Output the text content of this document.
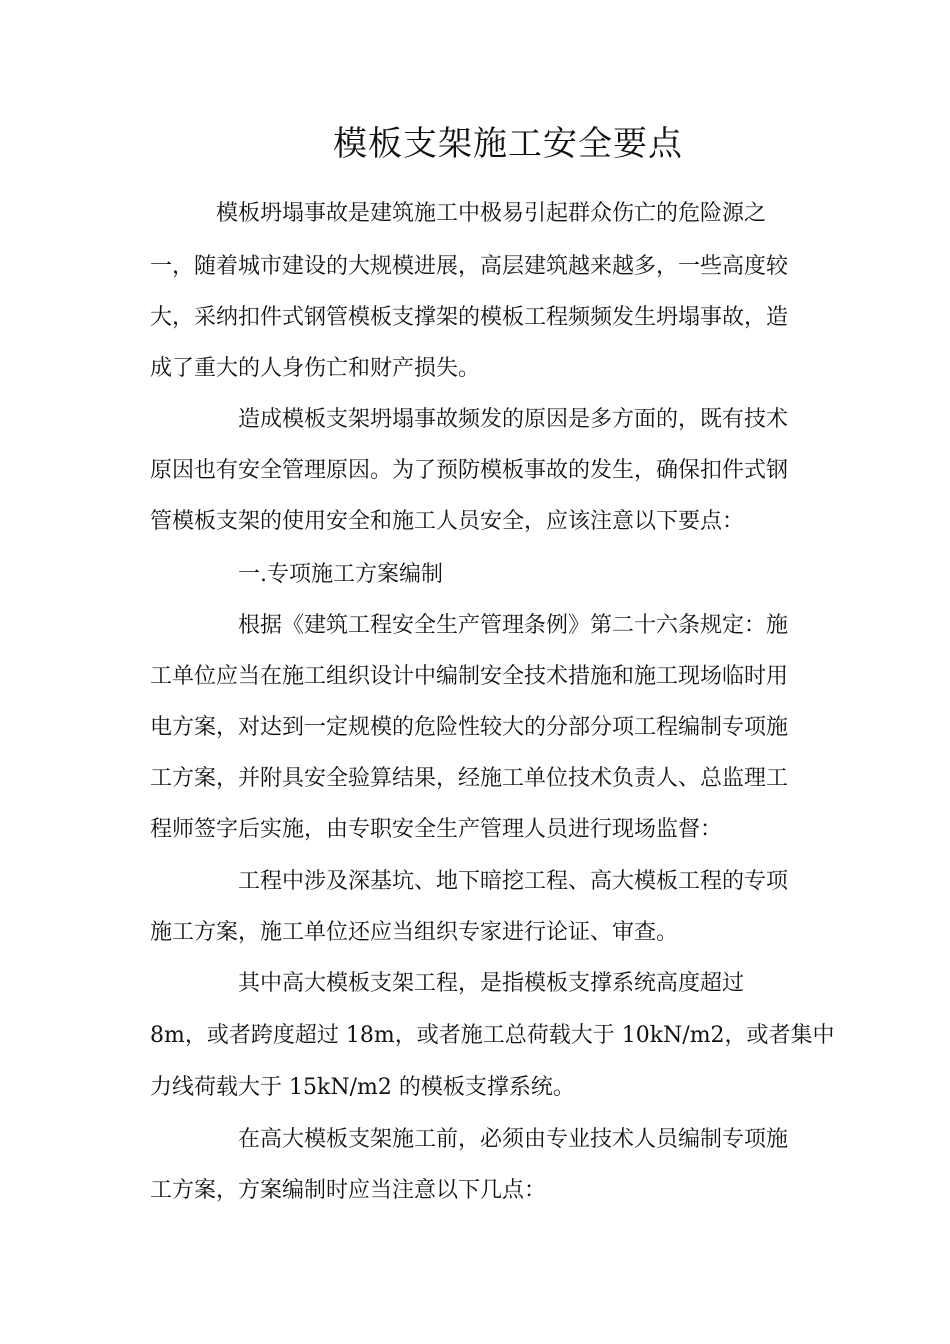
模板支架施工安全要点

模板坍塌事故是建筑施工中极易引起群众伤亡的危险源之

一，随着城市建设的大规模进展，高层建筑越来越多，一些高度较

大，采纳扣件式钢管模板支撑架的模板工程频频发生坍塌事故，造

成了重大的人身伤亡和财产损失。

造成模板支架坍塌事故频发的原因是多方面的，既有技术

原因也有安全管理原因。为了预防模板事故的发生，确保扣件式钢

管模板支架的使用安全和施工人员安全，应该注意以下要点：

一.专项施工方案编制

根据《建筑工程安全生产管理条例》第二十六条规定：施

工单位应当在施工组织设计中编制安全技术措施和施工现场临时用

电方案，对达到一定规模的危险性较大的分部分项工程编制专项施

工方案，并附具安全验算结果，经施工单位技术负责人、总监理工

程师签字后实施，由专职安全生产管理人员进行现场监督：

工程中涉及深基坑、地下暗挖工程、高大模板工程的专项

施工方案，施工单位还应当组织专家进行论证、审查。

其中高大模板支架工程，是指模板支撑系统高度超过

8m，或者跨度超过 18m，或者施工总荷载大于 10kN/m2，或者集中

力线荷载大于 15kN/m2 的模板支撑系统。

在高大模板支架施工前，必须由专业技术人员编制专项施

工方案，方案编制时应当注意以下几点：
